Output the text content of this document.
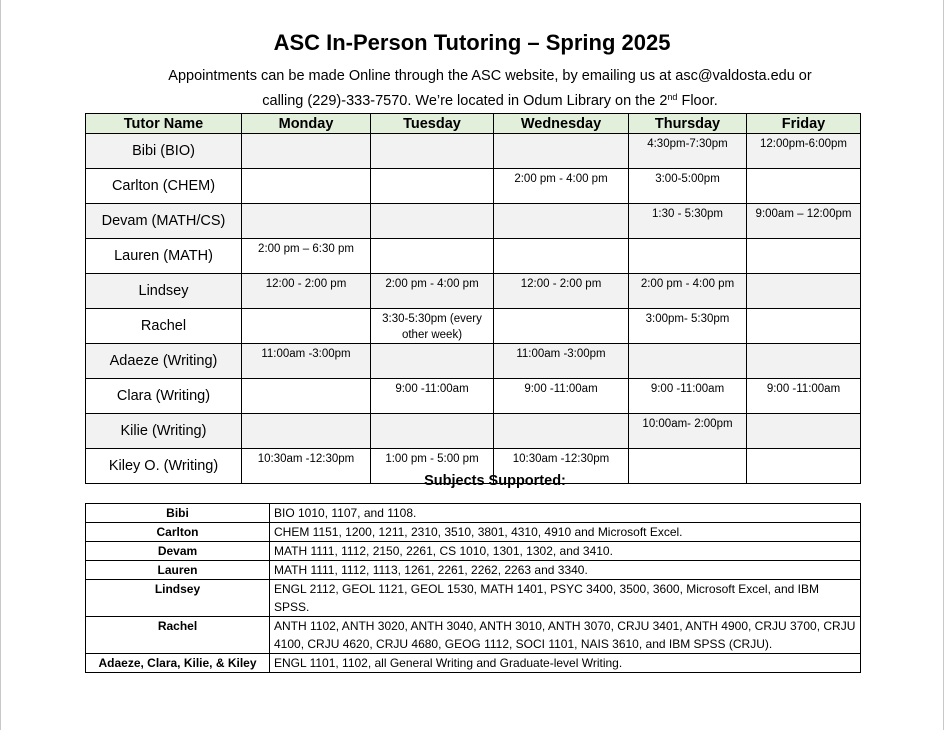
ASC In-Person Tutoring – Spring 2025
Appointments can be made Online through the ASC website, by emailing us at asc@valdosta.edu or
calling (229)-333-7570. We’re located in Odum Library on the 2nd Floor.
Tutor Name	Monday	Tuesday	Wednesday	Thursday	Friday
Bibi (BIO)				4:30pm-7:30pm	12:00pm-6:00pm
Carlton (CHEM)			2:00 pm - 4:00 pm	3:00-5:00pm	
Devam (MATH/CS)				1:30 - 5:30pm	9:00am – 12:00pm
Lauren (MATH)	2:00 pm – 6:30 pm				
Lindsey	12:00 - 2:00 pm	2:00 pm - 4:00 pm	12:00 - 2:00 pm	2:00 pm - 4:00 pm	
Rachel		3:30-5:30pm (every other week)		3:00pm- 5:30pm	
Adaeze (Writing)	11:00am -3:00pm		11:00am -3:00pm		
Clara (Writing)		9:00 -11:00am	9:00 -11:00am	9:00 -11:00am	9:00 -11:00am
Kilie (Writing)				10:00am- 2:00pm	
Kiley O. (Writing)	10:30am -12:30pm	1:00 pm - 5:00 pm	10:30am -12:30pm		
Subjects Supported:
Bibi	BIO 1010, 1107, and 1108.
Carlton	CHEM 1151, 1200, 1211, 2310, 3510, 3801, 4310, 4910 and Microsoft Excel.
Devam	MATH 1111, 1112, 2150, 2261, CS 1010, 1301, 1302, and 3410.
Lauren	MATH 1111, 1112, 1113, 1261, 2261, 2262, 2263 and 3340.
Lindsey	ENGL 2112, GEOL 1121, GEOL 1530, MATH 1401, PSYC 3400, 3500, 3600, Microsoft Excel, and IBM SPSS.
Rachel	ANTH 1102, ANTH 3020, ANTH 3040, ANTH 3010, ANTH 3070, CRJU 3401, ANTH 4900, CRJU 3700, CRJU 4100, CRJU 4620, CRJU 4680, GEOG 1112, SOCI 1101, NAIS 3610, and IBM SPSS (CRJU).
Adaeze, Clara, Kilie, & Kiley	ENGL 1101, 1102, all General Writing and Graduate-level Writing.
